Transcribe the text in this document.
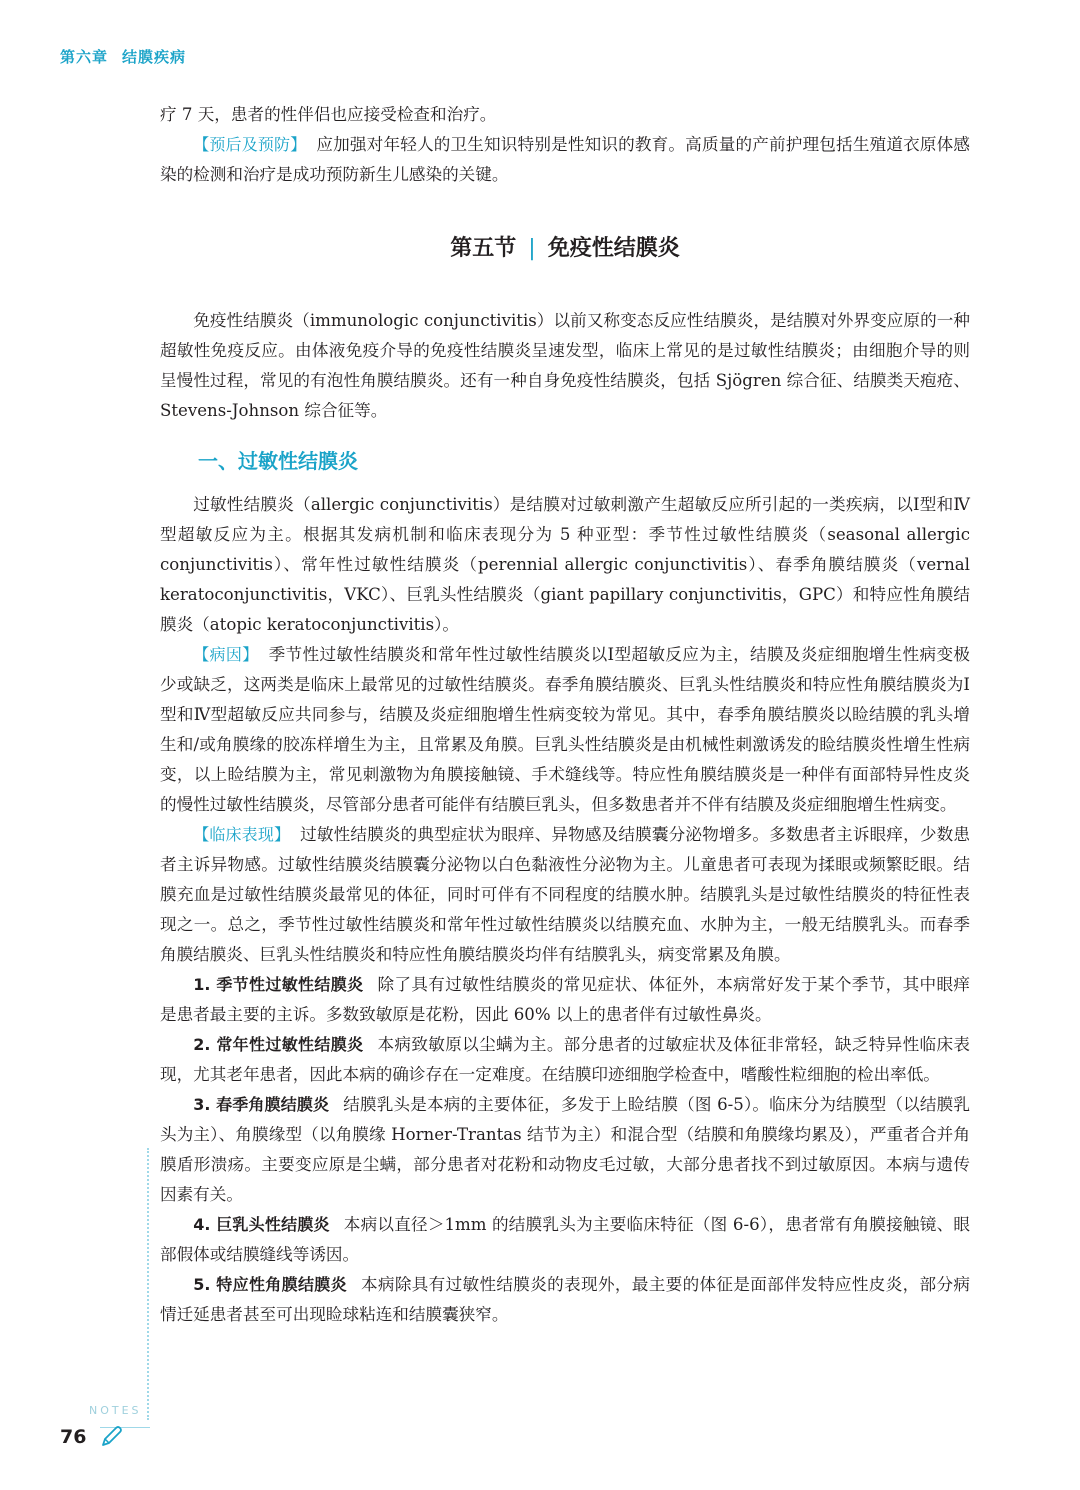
第六章 结膜疾病

疗 7 天，患者的性伴侣也应接受检查和治疗。

【预后及预防】 应加强对年轻人的卫生知识特别是性知识的教育。高质量的产前护理包括生殖道衣原体感染的检测和治疗是成功预防新生儿感染的关键。

第五节 | 免疫性结膜炎

免疫性结膜炎（immunologic conjunctivitis）以前又称变态反应性结膜炎，是结膜对外界变应原的一种超敏性免疫反应。由体液免疫介导的免疫性结膜炎呈速发型，临床上常见的是过敏性结膜炎；由细胞介导的则呈慢性过程，常见的有泡性角膜结膜炎。还有一种自身免疫性结膜炎，包括 Sjögren 综合征、结膜类天疱疮、Stevens-Johnson 综合征等。

一、过敏性结膜炎

过敏性结膜炎（allergic conjunctivitis）是结膜对过敏刺激产生超敏反应所引起的一类疾病，以Ⅰ型和Ⅳ型超敏反应为主。根据其发病机制和临床表现分为 5 种亚型：季节性过敏性结膜炎（seasonal allergic conjunctivitis）、常年性过敏性结膜炎（perennial allergic conjunctivitis）、春季角膜结膜炎（vernal keratoconjunctivitis，VKC）、巨乳头性结膜炎（giant papillary conjunctivitis，GPC）和特应性角膜结膜炎（atopic keratoconjunctivitis）。

【病因】 季节性过敏性结膜炎和常年性过敏性结膜炎以Ⅰ型超敏反应为主，结膜及炎症细胞增生性病变极少或缺乏，这两类是临床上最常见的过敏性结膜炎。春季角膜结膜炎、巨乳头性结膜炎和特应性角膜结膜炎为Ⅰ型和Ⅳ型超敏反应共同参与，结膜及炎症细胞增生性病变较为常见。其中，春季角膜结膜炎以睑结膜的乳头增生和/或角膜缘的胶冻样增生为主，且常累及角膜。巨乳头性结膜炎是由机械性刺激诱发的睑结膜炎性增生性病变，以上睑结膜为主，常见刺激物为角膜接触镜、手术缝线等。特应性角膜结膜炎是一种伴有面部特异性皮炎的慢性过敏性结膜炎，尽管部分患者可能伴有结膜巨乳头，但多数患者并不伴有结膜及炎症细胞增生性病变。

【临床表现】 过敏性结膜炎的典型症状为眼痒、异物感及结膜囊分泌物增多。多数患者主诉眼痒，少数患者主诉异物感。过敏性结膜炎结膜囊分泌物以白色黏液性分泌物为主。儿童患者可表现为揉眼或频繁眨眼。结膜充血是过敏性结膜炎最常见的体征，同时可伴有不同程度的结膜水肿。结膜乳头是过敏性结膜炎的特征性表现之一。总之，季节性过敏性结膜炎和常年性过敏性结膜炎以结膜充血、水肿为主，一般无结膜乳头。而春季角膜结膜炎、巨乳头性结膜炎和特应性角膜结膜炎均伴有结膜乳头，病变常累及角膜。

1. 季节性过敏性结膜炎 除了具有过敏性结膜炎的常见症状、体征外，本病常好发于某个季节，其中眼痒是患者最主要的主诉。多数致敏原是花粉，因此 60% 以上的患者伴有过敏性鼻炎。

2. 常年性过敏性结膜炎 本病致敏原以尘螨为主。部分患者的过敏症状及体征非常轻，缺乏特异性临床表现，尤其老年患者，因此本病的确诊存在一定难度。在结膜印迹细胞学检查中，嗜酸性粒细胞的检出率低。

3. 春季角膜结膜炎 结膜乳头是本病的主要体征，多发于上睑结膜（图 6-5）。临床分为结膜型（以结膜乳头为主）、角膜缘型（以角膜缘 Horner-Trantas 结节为主）和混合型（结膜和角膜缘均累及），严重者合并角膜盾形溃疡。主要变应原是尘螨，部分患者对花粉和动物皮毛过敏，大部分患者找不到过敏原因。本病与遗传因素有关。

4. 巨乳头性结膜炎 本病以直径＞1mm 的结膜乳头为主要临床特征（图 6-6），患者常有角膜接触镜、眼部假体或结膜缝线等诱因。

5. 特应性角膜结膜炎 本病除具有过敏性结膜炎的表现外，最主要的体征是面部伴发特应性皮炎，部分病情迁延患者甚至可出现睑球粘连和结膜囊狭窄。

NOTES
76
